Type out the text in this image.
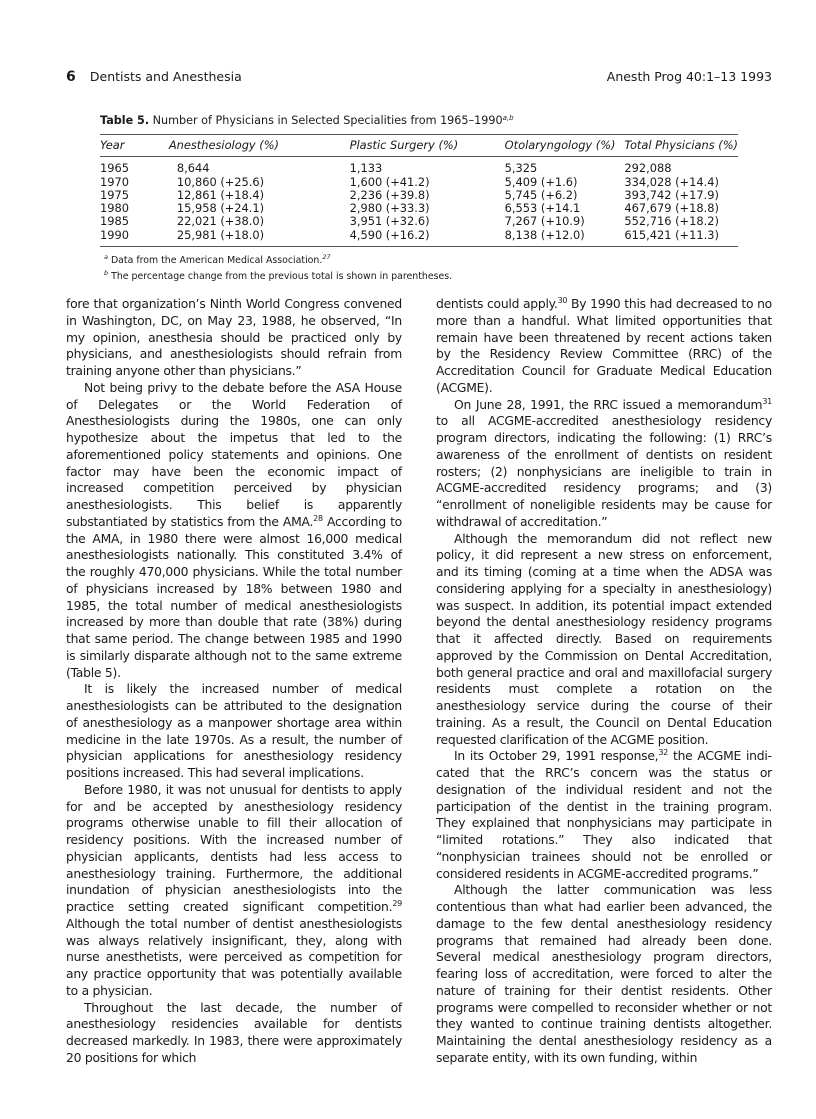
6 Dentists and Anesthesia	Anesth Prog 40:1–13 1993
Table 5. Number of Physicians in Selected Specialities from 1965–1990$^{a,b}$
Year	Anesthesiology (%)	Plastic Surgery (%)	Otolaryngology (%)	Total Physicians (%)
1965	8,644	1,133	5,325	292,088
1970	10,860 (+25.6)	1,600 (+41.2)	5,409 (+1.6)	334,028 (+14.4)
1975	12,861 (+18.4)	2,236 (+39.8)	5,745 (+6.2)	393,742 (+17.9)
1980	15,958 (+24.1)	2,980 (+33.3)	6,553 (+14.1	467,679 (+18.8)
1985	22,021 (+38.0)	3,951 (+32.6)	7,267 (+10.9)	552,716 (+18.2)
1990	25,981 (+18.0)	4,590 (+16.2)	8,138 (+12.0)	615,421 (+11.3)
$^a$ Data from the American Medical Association.$^{27}$
$^b$ The percentage change from the previous total is shown in parentheses.

fore that organization’s Ninth World Congress convened in Washington, DC, on May 23, 1988, he observed, “In my opinion, anesthesia should be practiced only by physicians, and anesthesiologists should refrain from training anyone other than physicians.”

Not being privy to the debate before the ASA House of Delegates or the World Federation of Anesthesiologists during the 1980s, one can only hypothesize about the impetus that led to the aforementioned policy statements and opinions. One factor may have been the economic impact of increased competition perceived by physician anesthesiologists. This belief is apparently substantiated by statistics from the AMA.$^{28}$ According to the AMA, in 1980 there were almost 16,000 medical anesthesiologists nationally. This constituted 3.4% of the roughly 470,000 physicians. While the total number of physicians increased by 18% between 1980 and 1985, the total number of medical anesthesiologists increased by more than double that rate (38%) during that same period. The change between 1985 and 1990 is similarly disparate although not to the same extreme (Table 5).

It is likely the increased number of medical anesthesiologists can be attributed to the designation of anesthesiology as a manpower shortage area within medicine in the late 1970s. As a result, the number of physician applications for anesthesiology residency positions increased. This had several implications.

Before 1980, it was not unusual for dentists to apply for and be accepted by anesthesiology residency programs otherwise unable to fill their allocation of residency positions. With the increased number of physician applicants, dentists had less access to anesthesiology training. Furthermore, the additional inundation of physician anesthesiologists into the practice setting created significant competition.$^{29}$ Although the total number of dentist anesthesiologists was always relatively insignificant, they, along with nurse anesthetists, were perceived as competition for any practice opportunity that was potentially available to a physician.

Throughout the last decade, the number of anesthesiology residencies available for dentists decreased markedly. In 1983, there were approximately 20 positions for which

dentists could apply.$^{30}$ By 1990 this had decreased to no more than a handful. What limited opportunities that remain have been threatened by recent actions taken by the Residency Review Committee (RRC) of the Accreditation Council for Graduate Medical Education (ACGME).

On June 28, 1991, the RRC issued a memorandum$^{31}$ to all ACGME-accredited anesthesiology residency program directors, indicating the following: (1) RRC’s awareness of the enrollment of dentists on resident rosters; (2) nonphysicians are ineligible to train in ACGME-accredited residency programs; and (3) “enrollment of noneligible residents may be cause for withdrawal of accreditation.”

Although the memorandum did not reflect new policy, it did represent a new stress on enforcement, and its timing (coming at a time when the ADSA was considering applying for a specialty in anesthesiology) was suspect. In addition, its potential impact extended beyond the dental anesthesiology residency programs that it affected directly. Based on requirements approved by the Commission on Dental Accreditation, both general practice and oral and maxillofacial surgery residents must complete a rotation on the anesthesiology service during the course of their training. As a result, the Council on Dental Education requested clarification of the ACGME position.

In its October 29, 1991 response,$^{32}$ the ACGME indicated that the RRC’s concern was the status or designation of the individual resident and not the participation of the dentist in the training program. They explained that nonphysicians may participate in “limited rotations.” They also indicated that “nonphysician trainees should not be enrolled or considered residents in ACGME-accredited programs.”

Although the latter communication was less contentious than what had earlier been advanced, the damage to the few dental anesthesiology residency programs that remained had already been done. Several medical anesthesiology program directors, fearing loss of accreditation, were forced to alter the nature of training for their dentist residents. Other programs were compelled to reconsider whether or not they wanted to continue training dentists altogether. Maintaining the dental anesthesiology residency as a separate entity, with its own funding, within
